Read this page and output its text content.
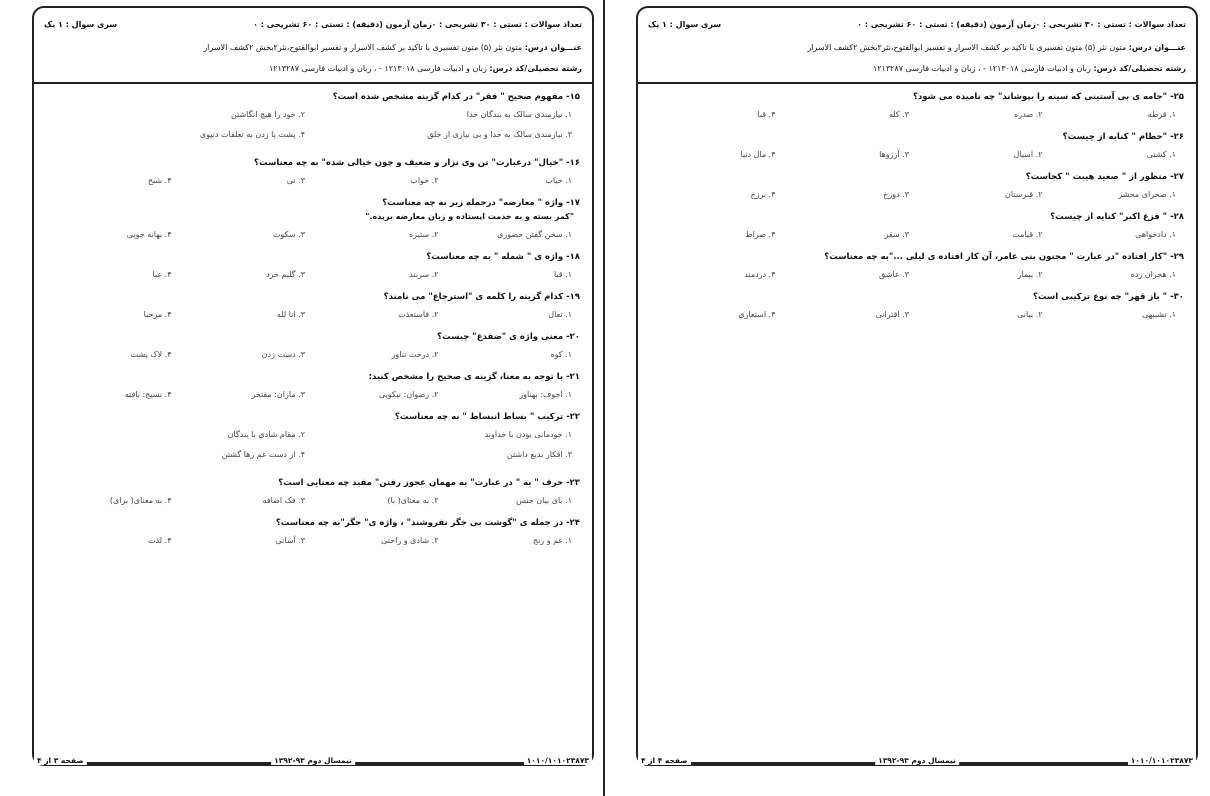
تعداد سوالات : تستی : ۳۰ تشریحی : ۰
زمان آزمون (دقیقه) : تستی : ۶۰ تشریحی : ۰
سری سوال : ۱ یک
عنـــوان درس: متون نثر (۵) متون تفسیری با تاکید بر کشف الاسرار و تفسیر ابوالفتوح،نثر۲بخش ۲کشف الاسرار
رشته تحصیلی/کد درس: زبان و ادبیات فارسی ۱۲۱۳۰۱۸ - ، زبان و ادبیات فارسی ۱۲۱۳۲۸۷
۱۵- مفهوم صحیح " فقر" در کدام گزینه مشخص شده است؟
۱. نیازمندی سالک به بندگان خدا
۲. خود را هیچ انگاشتن
۳. نیازمندی سالک به خدا و بی نیازی از خلق
۴. پشت پا زدن به تعلقات دنیوی
۱۶- "خیال" درعبارت" تن وی نزار و ضعیف و چون خیالی شده" به چه معناست؟
۱. خیاب
۲. خواب
۳. نی
۴. شبح
۱۷- واژه " معارضه" درجمله زیر به چه معناست؟
"کمر بسته و به خدمت ایستاده و زبان معارضه بریده."
۱. سخن گفتن حضوری
۲. ستیزه
۳. سکوت
۴. بهانه جویی
۱۸- واژه ی " شمله " به چه معناست؟
۱. قبا
۲. سربند
۳. گلیم خرد
۴. عبا
۱۹- کدام گزینه را کلمه ی "استرجاع" می نامند؟
۱. تعال
۲. فاستعذت
۳. انا لله
۴. مرحبا
۲۰- معنی واژه ی "ضفدع" چیست؟
۱. کوه
۲. درخت تناور
۳. دست زدن
۴. لاک پشت
۲۱- با توجه به معنا، گزینه ی صحیح را مشخص کنید:
۱. اجوف: بهناور
۲. رضوان: نیکویی
۳. مازان: مفتخر
۴. نسیج: بافته
۲۲- ترکیب " بساط انبساط " به چه معناست؟
۱. خودمانی بودن با خداوند
۲. مقام شادی با بندگان
۳. افکار بدیع داشتن
۴. از دست غم رها گشتن
۲۳- حرف " به " در عبارت" به مهمان عجوز رفتن" مفید چه معنایی است؟
۱. بای بیان جنس
۲. به معنای( با)
۳. فک اضافه
۴. به معنای( برای)
۲۴- در جمله ی "گوشت بی جگر نفروشند" ، واژه ی" جگر"به چه معناست؟
۱. غم و رنج
۲. شادی و راحتی
۳. آسانی
۴. لذت
۱۰۱۰/۱۰۱۰۲۳۸۷۳
نیمسال دوم ۹۳-۱۳۹۲
صفحه ۳ از ۴
تعداد سوالات : تستی : ۳۰ تشریحی : ۰
زمان آزمون (دقیقه) : تستی : ۶۰ تشریحی : ۰
سری سوال : ۱ یک
عنـــوان درس: متون نثر (۵) متون تفسیری با تاکید بر کشف الاسرار و تفسیر ابوالفتوح،نثر۲بخش ۲کشف الاسرار
رشته تحصیلی/کد درس: زبان و ادبیات فارسی ۱۲۱۳۰۱۸ - ، زبان و ادبیات فارسی ۱۲۱۳۲۸۷
۲۵- "جامه ی بی آستینی که سینه را بپوشاند" چه نامیده می شود؟
۱. قرطه
۲. صدره
۳. کله
۴. قبا
۲۶- "حطام " کنایه از چیست؟
۱. کشتی
۲. اسیال
۳. آرزوها
۴. مال دنیا
۲۷- منظور از " صعید هیبت " کجاست؟
۱. صحرای محشر
۲. قبرستان
۳. دوزخ
۴. برزخ
۲۸- " فزع اکبر" کنایه از چیست؟
۱. دادخواهی
۲. قیامت
۳. سقر
۴. صراط
۲۹- "کار افتاده "در عبارت " مجنون بنی عامر، آن کار افتاده ی لیلی ..."به چه معناست؟
۱. هجران زده
۲. بیمار
۳. عاشق
۴. دردمند
۳۰- " باز قهر" چه نوع ترکیبی است؟
۱. تشبیهی
۲. بیانی
۳. اقترانی
۴. استعاری
۱۰۱۰/۱۰۱۰۲۳۸۷۳
نیمسال دوم ۹۳-۱۳۹۲
صفحه ۴ از ۴
